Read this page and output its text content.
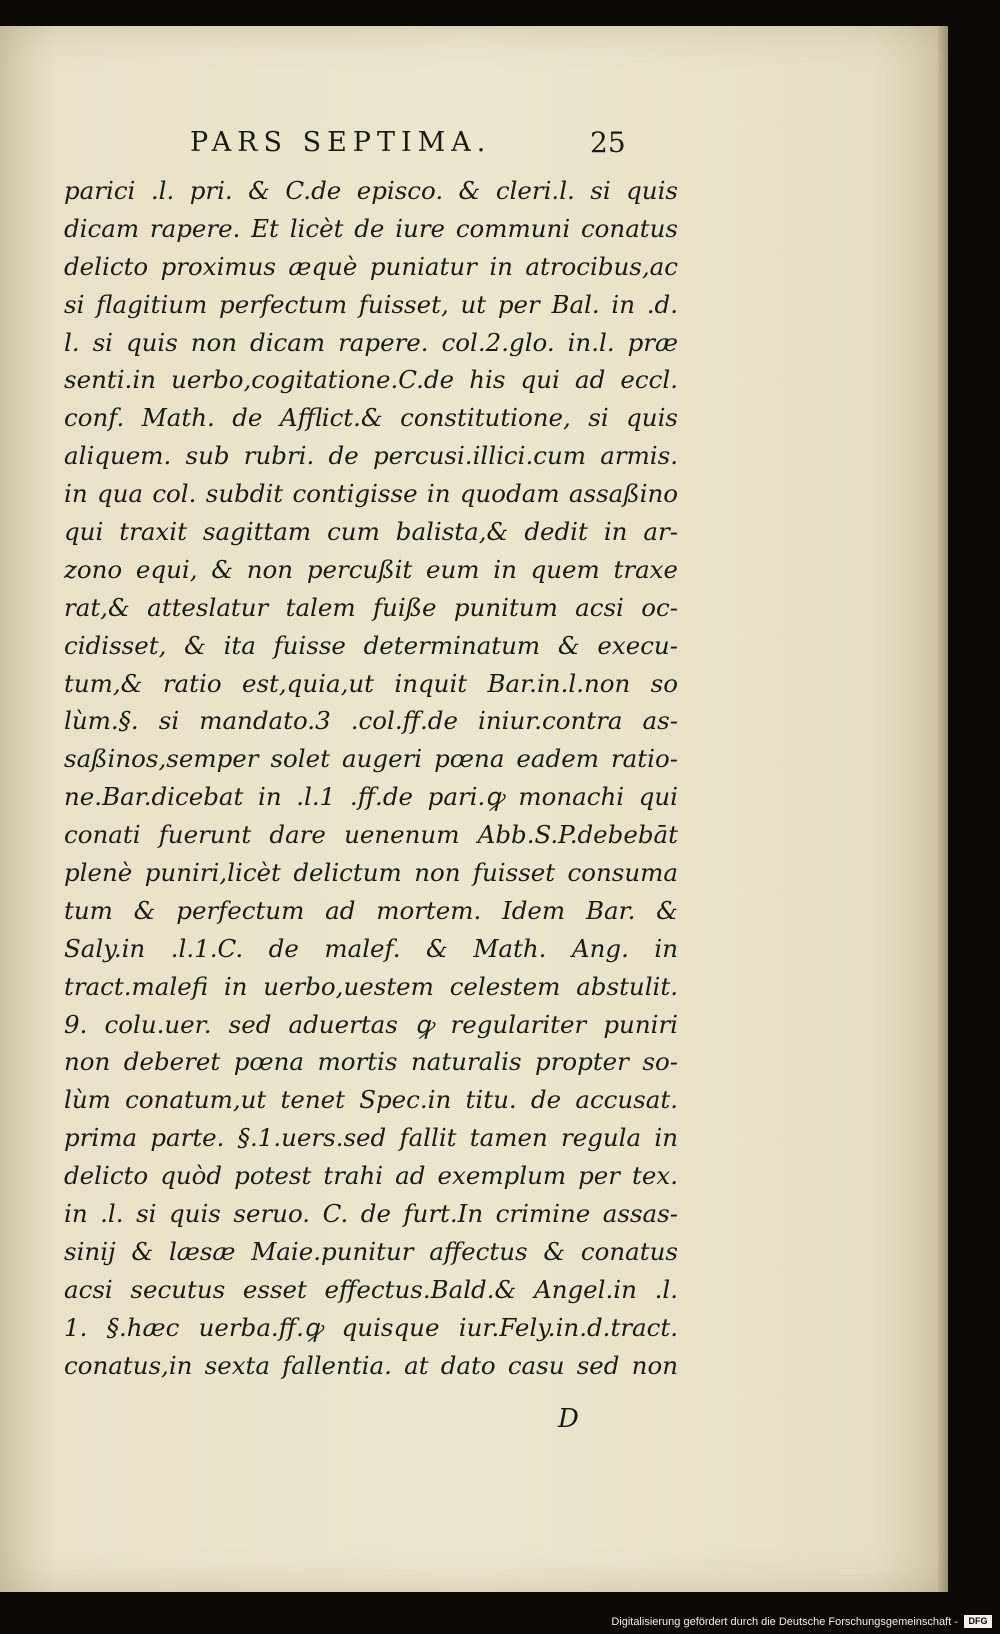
PARS SEPTIMA.	25
parici .l. pri. & C.de episco. & cleri.l. si quis
dicam rapere. Et licèt de iure communi conatus
delicto proximus æquè puniatur in atrocibus,ac
si flagitium perfectum fuisset, ut per Bal. in .d.
l. si quis non dicam rapere. col.2.glo. in.l. præ
senti.in uerbo,cogitatione.C.de his qui ad eccl.
conf. Math. de Afflict.& constitutione, si quis
aliquem. sub rubri. de percusi.illici.cum armis.
in qua col. subdit contigisse in quodam assaßino
qui traxit sagittam cum balista,& dedit in ar-
zono equi, & non percußit eum in quem traxe
rat,& atteslatur talem fuiße punitum acsi oc-
cidisset, & ita fuisse determinatum & execu-
tum,& ratio est,quia,ut inquit Bar.in.l.non so
lùm.§. si mandato.3 .col.ff.de iniur.contra as-
saßinos,semper solet augeri pœna eadem ratio-
ne.Bar.dicebat in .l.1 .ff.de pari.ꝙ monachi qui
conati fuerunt dare uenenum Abb.S.P.debebāt
plenè puniri,licèt delictum non fuisset consuma
tum & perfectum ad mortem. Idem Bar. &
Saly.in .l.1.C. de malef. & Math. Ang. in
tract.malefi in uerbo,uestem celestem abstulit.
9. colu.uer. sed aduertas ꝙ regulariter puniri
non deberet pœna mortis naturalis propter so-
lùm conatum,ut tenet Spec.in titu. de accusat.
prima parte. §.1.uers.sed fallit tamen regula in
delicto quòd potest trahi ad exemplum per tex.
in .l. si quis seruo. C. de furt.In crimine assas-
sinij & læsæ Maie.punitur affectus & conatus
acsi secutus esset effectus.Bald.& Angel.in .l.
1. §.hæc uerba.ff.ꝙ quisque iur.Fely.in.d.tract.
conatus,in sexta fallentia. at dato casu sed non
D
Digitalisierung gefördert durch die Deutsche Forschungsgemeinschaft -	DFG
